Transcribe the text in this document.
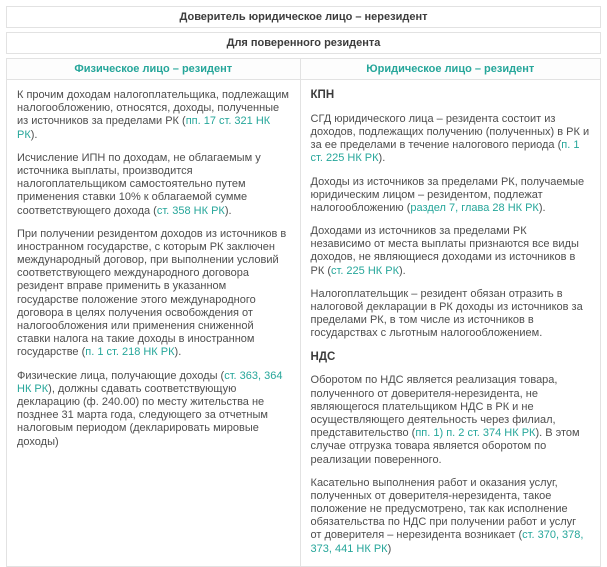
Доверитель юридическое лицо – нерезидент
Для поверенного резидента
Физическое лицо – резидент	Юридическое лицо – резидент
К прочим доходам налогоплательщика, подлежащим налогообложению, относятся, доходы, полученные из источников за пределами РК (пп. 17 ст. 321 НК РК).
Исчисление ИПН по доходам, не облагаемым у источника выплаты, производится налогоплательщиком самостоятельно путем применения ставки 10% к облагаемой сумме соответствующего дохода (ст. 358 НК РК).
При получении резидентом доходов из источников в иностранном государстве, с которым РК заключен международный договор, при выполнении условий соответствующего международного договора резидент вправе применить в указанном государстве положение этого международного договора в целях получения освобождения от налогообложения или применения сниженной ставки налога на такие доходы в иностранном государстве (п. 1 ст. 218 НК РК).
Физические лица, получающие доходы (ст. 363, 364 НК РК), должны сдавать соответствующую декларацию (ф. 240.00) по месту жительства не позднее 31 марта года, следующего за отчетным налоговым периодом (декларировать мировые доходы)
КПН
СГД юридического лица – резидента состоит из доходов, подлежащих получению (полученных) в РК и за ее пределами в течение налогового периода (п. 1 ст. 225 НК РК).
Доходы из источников за пределами РК, получаемые юридическим лицом – резидентом, подлежат налогообложению (раздел 7, глава 28 НК РК).
Доходами из источников за пределами РК независимо от места выплаты признаются все виды доходов, не являющиеся доходами из источников в РК (ст. 225 НК РК).
Налогоплательщик – резидент обязан отразить в налоговой декларации в РК доходы из источников за пределами РК, в том числе из источников в государствах с льготным налогообложением.
НДС
Оборотом по НДС является реализация товара, полученного от доверителя-нерезидента, не являющегося плательщиком НДС в РК и не осуществляющего деятельность через филиал, представительство (пп. 1) п. 2 ст. 374 НК РК). В этом случае отгрузка товара является оборотом по реализации поверенного.
Касательно выполнения работ и оказания услуг, полученных от доверителя-нерезидента, такое положение не предусмотрено, так как исполнение обязательства по НДС при получении работ и услуг от доверителя – нерезидента возникает (ст. 370, 378, 373, 441 НК РК)
